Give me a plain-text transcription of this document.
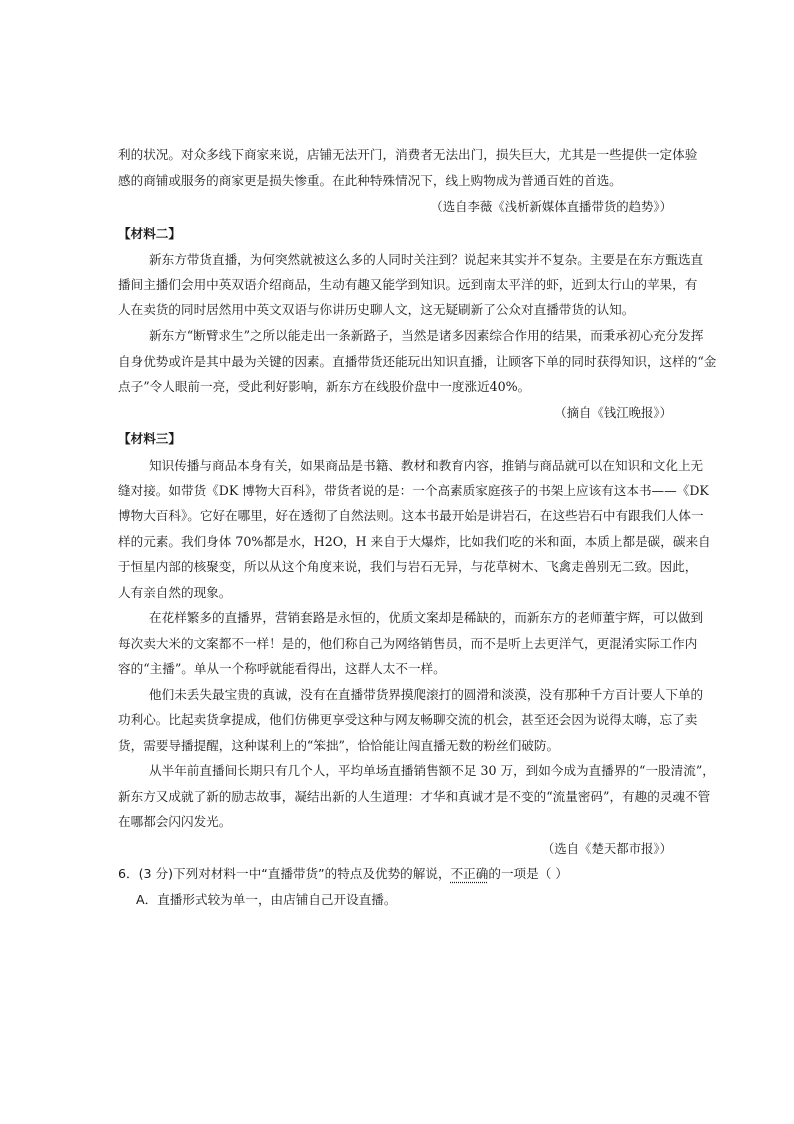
利的状况。对众多线下商家来说，店铺无法开门，消费者无法出门，损失巨大，尤其是一些提供一定体验
感的商铺或服务的商家更是损失惨重。在此种特殊情况下，线上购物成为普通百姓的首选。
（选自李薇《浅析新媒体直播带货的趋势》）
【材料二】
新东方带货直播，为何突然就被这么多的人同时关注到？说起来其实并不复杂。主要是在东方甄选直
播间主播们会用中英双语介绍商品，生动有趣又能学到知识。远到南太平洋的虾，近到太行山的苹果，有
人在卖货的同时居然用中英文双语与你讲历史聊人文，这无疑刷新了公众对直播带货的认知。
新东方“断臂求生”之所以能走出一条新路子，当然是诸多因素综合作用的结果，而秉承初心充分发挥
自身优势或许是其中最为关键的因素。直播带货还能玩出知识直播，让顾客下单的同时获得知识，这样的“金
点子”令人眼前一亮，受此利好影响，新东方在线股价盘中一度涨近40%。
（摘自《钱江晚报》）
【材料三】
知识传播与商品本身有关，如果商品是书籍、教材和教育内容，推销与商品就可以在知识和文化上无
缝对接。如带货《DK 博物大百科》，带货者说的是：一个高素质家庭孩子的书架上应该有这本书——《DK
博物大百科》。它好在哪里，好在透彻了自然法则。这本书最开始是讲岩石，在这些岩石中有跟我们人体一
样的元素。我们身体 70%都是水，H2O，H 来自于大爆炸，比如我们吃的米和面，本质上都是碳，碳来自
于恒星内部的核聚变，所以从这个角度来说，我们与岩石无异，与花草树木、飞禽走兽别无二致。因此，
人有亲自然的现象。
在花样繁多的直播界，营销套路是永恒的，优质文案却是稀缺的，而新东方的老师董宇辉，可以做到
每次卖大米的文案都不一样！是的，他们称自己为网络销售员，而不是听上去更洋气，更混淆实际工作内
容的“主播”。单从一个称呼就能看得出，这群人太不一样。
他们未丢失最宝贵的真诚，没有在直播带货界摸爬滚打的圆滑和淡漠，没有那种千方百计要人下单的
功利心。比起卖货拿提成，他们仿佛更享受这种与网友畅聊交流的机会，甚至还会因为说得太嗨，忘了卖
货，需要导播提醒，这种谋利上的“笨拙”，恰恰能让闯直播无数的粉丝们破防。
从半年前直播间长期只有几个人，平均单场直播销售额不足 30 万，到如今成为直播界的“一股清流”，
新东方又成就了新的励志故事，凝结出新的人生道理：才华和真诚才是不变的“流量密码”，有趣的灵魂不管
在哪都会闪闪发光。
（选自《楚天都市报》）
6．(3 分)下列对材料一中“直播带货”的特点及优势的解说，不正确的一项是（ ）
A．直播形式较为单一，由店铺自己开设直播。
